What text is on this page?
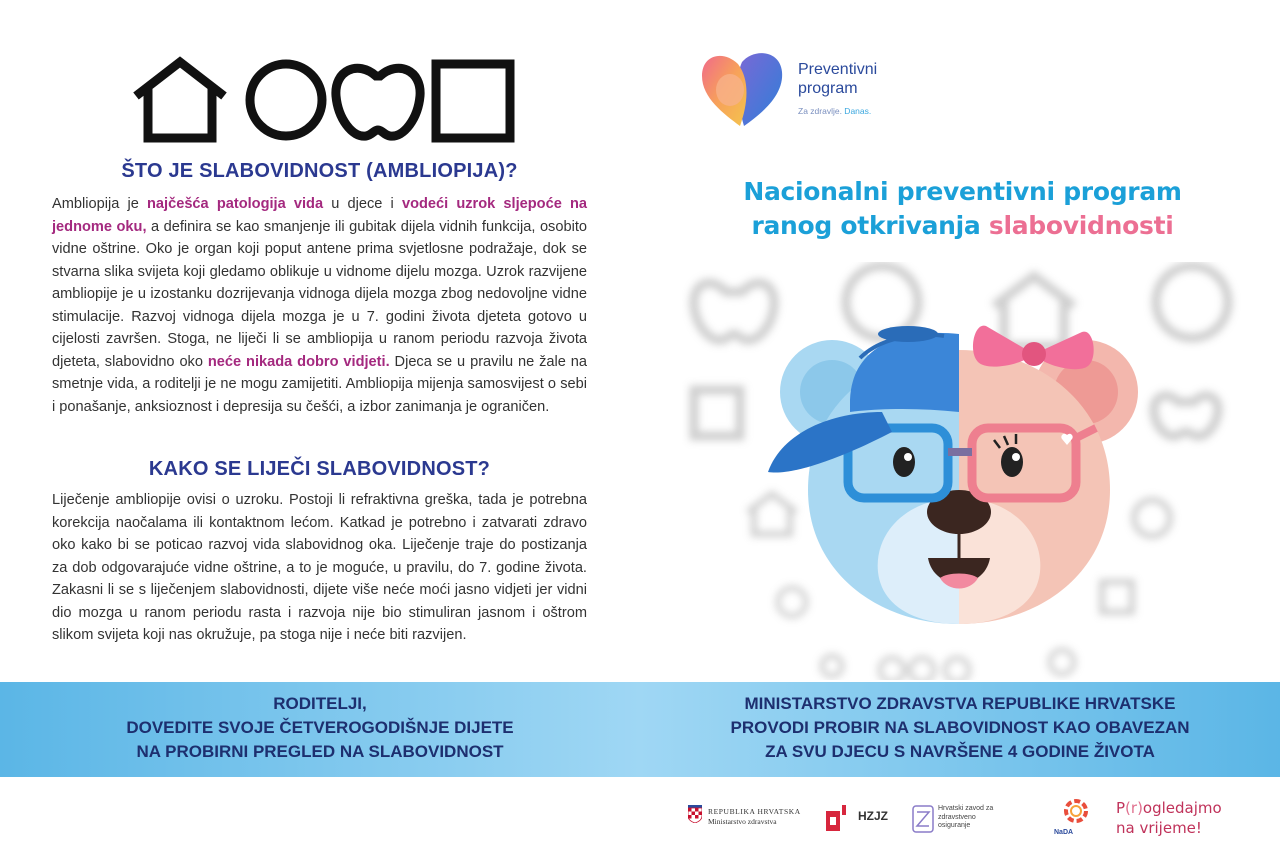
ŠTO JE SLABOVIDNOST (AMBLIOPIJA)?
Ambliopija je najčešća patologija vida u djece i vodeći uzrok sljepoće na jednome oku, a definira se kao smanjenje ili gubitak dijela vidnih funkcija, osobito vidne oštrine. Oko je organ koji poput antene prima svjetlosne podražaje, dok se stvarna slika svijeta koji gledamo oblikuje u vidnome dijelu mozga. Uzrok razvijene ambliopije je u izostanku dozrijevanja vidnoga dijela mozga zbog nedovoljne vidne stimulacije. Razvoj vidnoga dijela mozga je u 7. godini života djeteta gotovo u cijelosti završen. Stoga, ne liječi li se ambliopija u ranom periodu razvoja života djeteta, slabovidno oko neće nikada dobro vidjeti. Djeca se u pravilu ne žale na smetnje vida, a roditelji je ne mogu zamijetiti. Ambliopija mijenja samosvijest o sebi i ponašanje, anksioznost i depresija su češći, a izbor zanimanja je ograničen.
KAKO SE LIJEČI SLABOVIDNOST?
Liječenje ambliopije ovisi o uzroku. Postoji li refraktivna greška, tada je potrebna korekcija naočalama ili kontaktnom lećom. Katkad je potrebno i zatvarati zdravo oko kako bi se poticao razvoj vida slabovidnog oka. Liječenje traje do postizanja za dob odgovarajuće vidne oštrine, a to je moguće, u pravilu, do 7. godine života. Zakasni li se s liječenjem slabovidnosti, dijete više neće moći jasno vidjeti jer vidni dio mozga u ranom periodu rasta i razvoja nije bio stimuliran jasnom i oštrom slikom svijeta koji nas okružuje, pa stoga nije i neće biti razvijen.
Preventivni
program
Za zdravlje. Danas.
Nacionalni preventivni program
ranog otkrivanja slabovidnosti
RODITELJI,
DOVEDITE SVOJE ČETVEROGODIŠNJE DIJETE
NA PROBIRNI PREGLED NA SLABOVIDNOST
MINISTARSTVO ZDRAVSTVA REPUBLIKE HRVATSKE
PROVODI PROBIR NA SLABOVIDNOST KAO OBAVEZAN
ZA SVU DJECU S NAVRŠENE 4 GODINE ŽIVOTA
REPUBLIKA HRVATSKA
Ministarstvo zdravstva	HZJZ
Hrvatski zavod za zdravstveno osiguranje
NaDA
P(r)ogledajmo
na vrijeme!
